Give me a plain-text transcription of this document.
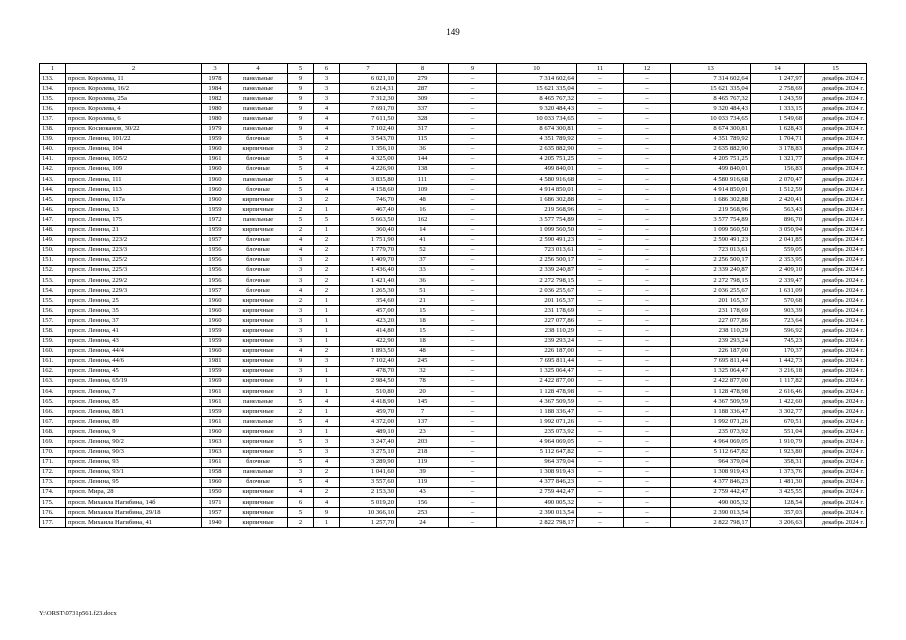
149
1	2	3	4	5	6	7	8	9	10	11	12	13	14	15
133.	просп. Королева, 11	1978	панельные	9	3	6 021,10	279	–	7 314 602,64	–	–	7 314 602,64	1 247,97	декабрь 2024 г.
134.	просп. Королева, 16/2	1984	панельные	9	3	6 214,31	287	–	15 621 335,04	–	–	15 621 335,04	2 758,69	декабрь 2024 г.
135.	просп. Королева, 25а	1982	панельные	9	3	7 312,30	309	–	8 465 767,32	–	–	8 465 767,32	1 243,59	декабрь 2024 г.
136.	просп. Королева, 4	1980	панельные	9	4	7 691,70	337	–	9 320 484,43	–	–	9 320 484,43	1 333,15	декабрь 2024 г.
137.	просп. Королева, 6	1980	панельные	9	4	7 611,50	328	–	10 033 734,65	–	–	10 033 734,65	1 549,68	декабрь 2024 г.
138.	просп. Косиоканов, 30/22	1979	панельные	9	4	7 102,40	317	–	8 674 300,81	–	–	8 674 300,81	1 628,43	декабрь 2024 г.
139.	просп. Ленина, 101/22	1959	блочные	5	4	3 543,70	115	–	4 351 789,92	–	–	4 351 789,92	1 704,71	декабрь 2024 г.
140.	просп. Ленина, 104	1960	кирпичные	3	2	1 356,10	36	–	2 635 882,90	–	–	2 635 882,90	3 178,83	декабрь 2024 г.
141.	просп. Ленина, 105/2	1961	блочные	5	4	4 325,00	144	–	4 205 751,25	–	–	4 205 751,25	1 321,77	декабрь 2024 г.
142.	просп. Ленина, 109	1960	блочные	5	4	4 226,90	138	–	499 840,01	–	–	499 840,01	156,83	декабрь 2024 г.
143.	просп. Ленина, 111	1960	панельные	5	4	3 835,80	111	–	4 580 916,68	–	–	4 580 916,68	2 070,47	декабрь 2024 г.
144.	просп. Ленина, 113	1960	блочные	5	4	4 158,60	109	–	4 914 850,01	–	–	4 914 850,01	1 512,59	декабрь 2024 г.
145.	просп. Ленина, 117а	1960	кирпичные	3	2	746,70	48	–	1 686 302,88	–	–	1 686 302,88	2 420,41	декабрь 2024 г.
146.	просп. Ленина, 13	1959	кирпичные	2	1	467,40	16	–	219 568,96	–	–	219 568,96	563,43	декабрь 2024 г.
147.	просп. Ленина, 175	1972	панельные	5	5	5 663,50	162	–	3 577 754,89	–	–	3 577 754,89	896,70	декабрь 2024 г.
148.	просп. Ленина, 21	1959	кирпичные	2	1	360,40	14	–	1 099 560,50	–	–	1 099 560,50	3 050,94	декабрь 2024 г.
149.	просп. Ленина, 223/2	1957	блочные	4	2	1 751,90	41	–	2 590 491,23	–	–	2 590 491,23	2 041,85	декабрь 2024 г.
150.	просп. Ленина, 223/3	1956	блочные	4	2	1 779,70	52	–	723 013,61	–	–	723 013,61	559,05	декабрь 2024 г.
151.	просп. Ленина, 225/2	1956	блочные	3	2	1 409,70	37	–	2 256 500,17	–	–	2 256 500,17	2 353,95	декабрь 2024 г.
152.	просп. Ленина, 225/3	1956	блочные	3	2	1 436,40	33	–	2 339 240,87	–	–	2 339 240,87	2 409,10	декабрь 2024 г.
153.	просп. Ленина, 229/2	1956	блочные	3	2	1 421,40	36	–	2 272 798,15	–	–	2 272 798,15	2 339,47	декабрь 2024 г.
154.	просп. Ленина, 229/3	1957	блочные	4	2	1 265,30	51	–	2 036 255,67	–	–	2 036 255,67	1 631,09	декабрь 2024 г.
155.	просп. Ленина, 25	1960	кирпичные	2	1	354,60	21	–	201 165,37	–	–	201 165,37	570,68	декабрь 2024 г.
156.	просп. Ленина, 35	1960	кирпичные	3	1	457,00	15	–	231 178,69	–	–	231 178,69	903,39	декабрь 2024 г.
157.	просп. Ленина, 37	1960	кирпичные	3	1	423,20	18	–	227 077,86	–	–	227 077,86	723,64	декабрь 2024 г.
158.	просп. Ленина, 41	1959	кирпичные	3	1	414,80	15	–	238 110,29	–	–	238 110,29	596,92	декабрь 2024 г.
159.	просп. Ленина, 43	1959	кирпичные	3	1	422,90	18	–	239 293,24	–	–	239 293,24	745,23	декабрь 2024 г.
160.	просп. Ленина, 44/4	1960	кирпичные	4	2	1 893,50	48	–	226 187,00	–	–	226 187,00	170,37	декабрь 2024 г.
161.	просп. Ленина, 44/6	1981	кирпичные	9	3	7 102,40	245	–	7 695 811,44	–	–	7 695 811,44	1 442,73	декабрь 2024 г.
162.	просп. Ленина, 45	1959	кирпичные	3	1	478,70	32	–	1 325 064,47	–	–	1 325 064,47	3 216,18	декабрь 2024 г.
163.	просп. Ленина, 65/19	1969	кирпичные	9	1	2 984,50	78	–	2 422 877,00	–	–	2 422 877,00	1 117,82	декабрь 2024 г.
164.	просп. Ленина, 7	1961	кирпичные	3	1	510,80	20	–	1 128 478,98	–	–	1 128 478,98	2 616,46	декабрь 2024 г.
165.	просп. Ленина, 85	1961	панельные	5	4	4 418,90	145	–	4 367 509,59	–	–	4 367 509,59	1 422,60	декабрь 2024 г.
166.	просп. Ленина, 88/1	1959	кирпичные	2	1	459,70	7	–	1 188 336,47	–	–	1 188 336,47	3 302,77	декабрь 2024 г.
167.	просп. Ленина, 89	1961	панельные	5	4	4 372,00	137	–	1 992 071,26	–	–	1 992 071,26	670,51	декабрь 2024 г.
168.	просп. Ленина, 9	1960	кирпичные	3	1	489,10	23	–	235 073,92	–	–	235 073,92	551,04	декабрь 2024 г.
169.	просп. Ленина, 90/2	1963	кирпичные	5	3	3 247,40	203	–	4 964 069,05	–	–	4 964 069,05	1 910,79	декабрь 2024 г.
170.	просп. Ленина, 90/3	1963	кирпичные	5	3	3 275,10	218	–	5 112 647,82	–	–	5 112 647,82	1 923,80	декабрь 2024 г.
171.	просп. Ленина, 93	1961	блочные	5	4	3 289,90	119	–	964 379,04	–	–	964 379,04	358,31	декабрь 2024 г.
172.	просп. Ленина, 93/1	1958	панельные	3	2	1 041,60	39	–	1 308 919,43	–	–	1 308 919,43	1 373,76	декабрь 2024 г.
173.	просп. Ленина, 95	1960	блочные	5	4	3 557,60	119	–	4 377 846,23	–	–	4 377 846,23	1 481,30	декабрь 2024 г.
174.	просп. Мира, 28	1950	кирпичные	4	2	2 153,30	43	–	2 759 442,47	–	–	2 759 442,47	3 425,55	декабрь 2024 г.
175.	просп. Михаила Нагибина, 14б	1971	кирпичные	6	4	5 019,20	156	–	490 005,32	–	–	490 005,32	128,54	декабрь 2024 г.
176.	просп. Михаила Нагибина, 29/18	1957	кирпичные	5	9	10 366,10	253	–	2 390 013,54	–	–	2 390 013,54	357,03	декабрь 2024 г.
177.	просп. Михаила Нагибина, 41	1940	кирпичные	2	1	1 257,70	24	–	2 822 798,17	–	–	2 822 798,17	3 206,63	декабрь 2024 г.
Y:\ORST\0731p561.f23.docx
